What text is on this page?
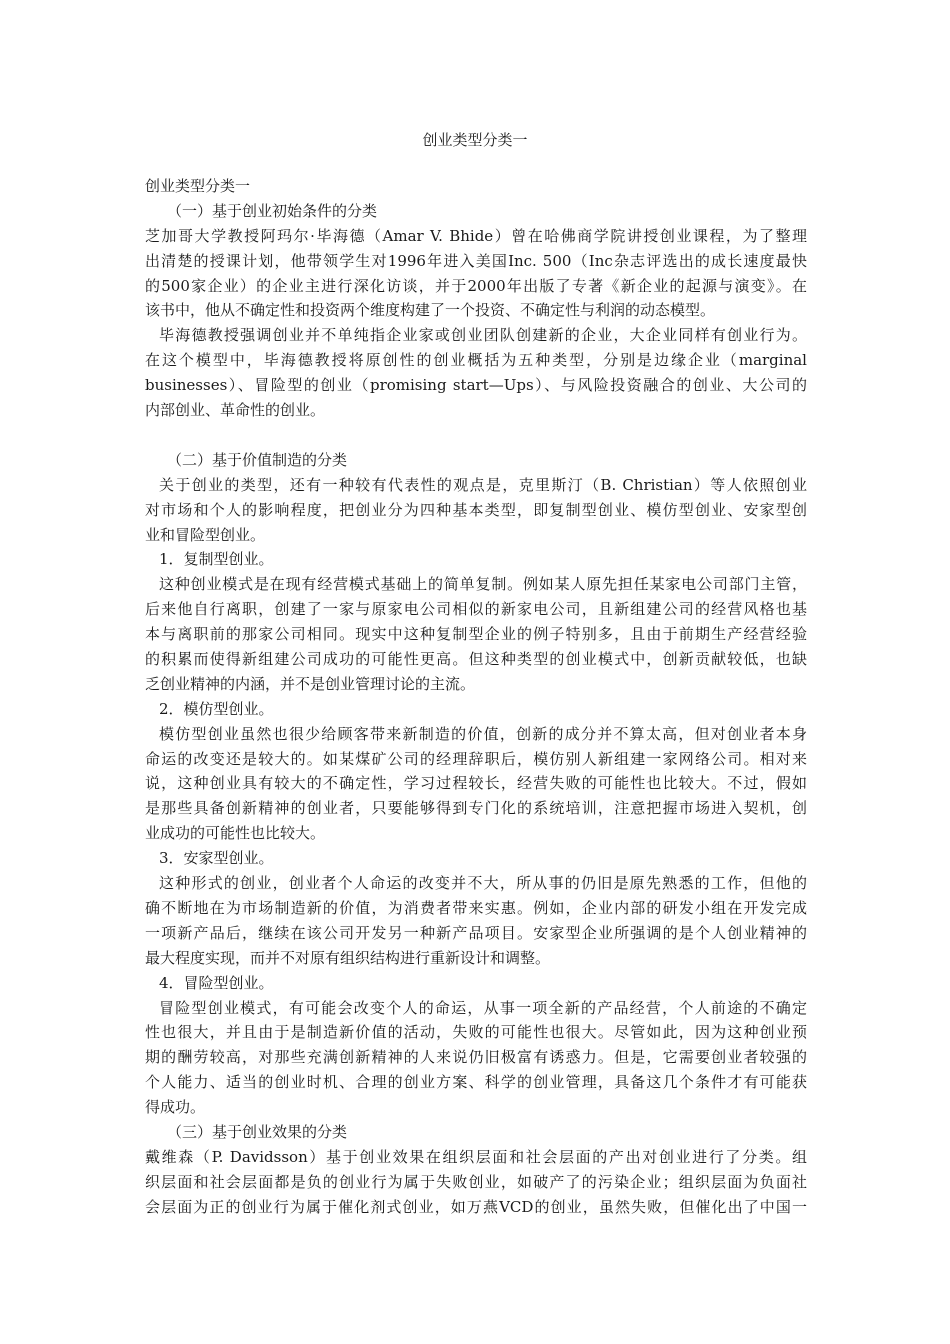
创业类型分类一
创业类型分类一
（一）基于创业初始条件的分类
芝加哥大学教授阿玛尔·毕海德（Amar V. Bhide）曾在哈佛商学院讲授创业课程，为了整理
出清楚的授课计划，他带领学生对1996年进入美国Inc. 500（Inc杂志评选出的成长速度最快
的500家企业）的企业主进行深化访谈，并于2000年出版了专著《新企业的起源与演变》。在
该书中，他从不确定性和投资两个维度构建了一个投资、不确定性与利润的动态模型。
毕海德教授强调创业并不单纯指企业家或创业团队创建新的企业，大企业同样有创业行为。
在这个模型中，毕海德教授将原创性的创业概括为五种类型，分别是边缘企业（marginal
businesses）、冒险型的创业（promising start—Ups）、与风险投资融合的创业、大公司的
内部创业、革命性的创业。
（二）基于价值制造的分类
关于创业的类型，还有一种较有代表性的观点是，克里斯汀（B. Christian）等人依照创业
对市场和个人的影响程度，把创业分为四种基本类型，即复制型创业、模仿型创业、安家型创
业和冒险型创业。
1．复制型创业。
这种创业模式是在现有经营模式基础上的简单复制。例如某人原先担任某家电公司部门主管，
后来他自行离职，创建了一家与原家电公司相似的新家电公司，且新组建公司的经营风格也基
本与离职前的那家公司相同。现实中这种复制型企业的例子特别多，且由于前期生产经营经验
的积累而使得新组建公司成功的可能性更高。但这种类型的创业模式中，创新贡献较低，也缺
乏创业精神的内涵，并不是创业管理讨论的主流。
2．模仿型创业。
模仿型创业虽然也很少给顾客带来新制造的价值，创新的成分并不算太高，但对创业者本身
命运的改变还是较大的。如某煤矿公司的经理辞职后，模仿别人新组建一家网络公司。相对来
说，这种创业具有较大的不确定性，学习过程较长，经营失败的可能性也比较大。不过，假如
是那些具备创新精神的创业者，只要能够得到专门化的系统培训，注意把握市场进入契机，创
业成功的可能性也比较大。
3．安家型创业。
这种形式的创业，创业者个人命运的改变并不大，所从事的仍旧是原先熟悉的工作，但他的
确不断地在为市场制造新的价值，为消费者带来实惠。例如，企业内部的研发小组在开发完成
一项新产品后，继续在该公司开发另一种新产品项目。安家型企业所强调的是个人创业精神的
最大程度实现，而并不对原有组织结构进行重新设计和调整。
4．冒险型创业。
冒险型创业模式，有可能会改变个人的命运，从事一项全新的产品经营，个人前途的不确定
性也很大，并且由于是制造新价值的活动，失败的可能性也很大。尽管如此，因为这种创业预
期的酬劳较高，对那些充满创新精神的人来说仍旧极富有诱惑力。但是，它需要创业者较强的
个人能力、适当的创业时机、合理的创业方案、科学的创业管理，具备这几个条件才有可能获
得成功。
（三）基于创业效果的分类
戴维森（P. Davidsson）基于创业效果在组织层面和社会层面的产出对创业进行了分类。组
织层面和社会层面都是负的创业行为属于失败创业，如破产了的污染企业；组织层面为负面社
会层面为正的创业行为属于催化剂式创业，如万燕VCD的创业，虽然失败，但催化出了中国一
